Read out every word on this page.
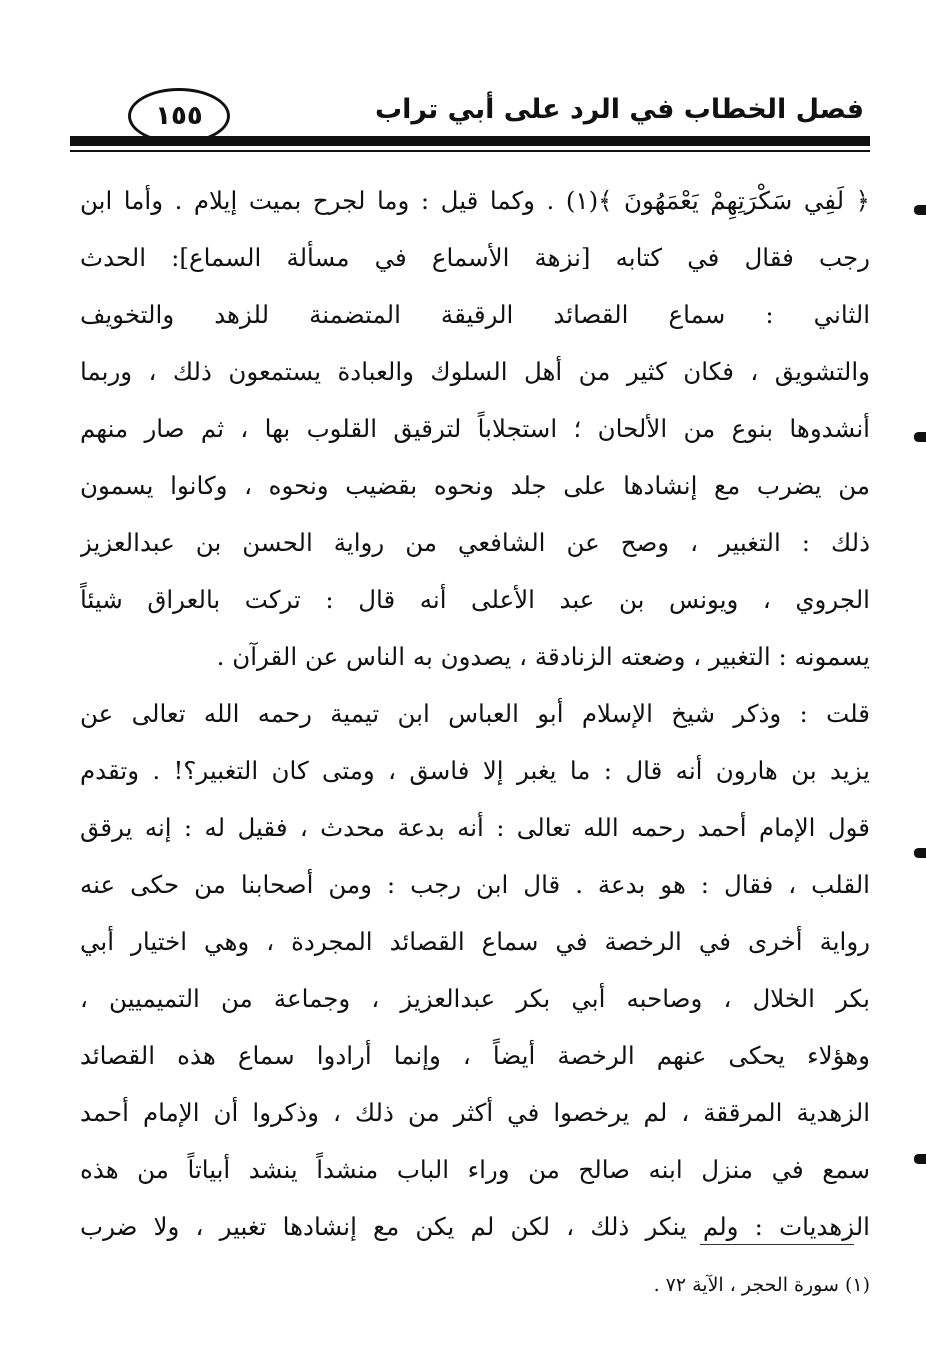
١٥٥	فصل الخطاب في الرد على أبي تراب
﴿ لَفِي سَكْرَتِهِمْ يَعْمَهُونَ ﴾(١) . وكما قيل : وما لجرح بميت إيلام . وأما ابن
رجب فقال في كتابه [نزهة الأسماع في مسألة السماع]: الحدث
الثاني : سماع القصائد الرقيقة المتضمنة للزهد والتخويف
والتشويق ، فكان كثير من أهل السلوك والعبادة يستمعون ذلك ، وربما
أنشدوها بنوع من الألحان ؛ استجلاباً لترقيق القلوب بها ، ثم صار منهم
من يضرب مع إنشادها على جلد ونحوه بقضيب ونحوه ، وكانوا يسمون
ذلك : التغبير ، وصح عن الشافعي من رواية الحسن بن عبدالعزيز
الجروي ، ويونس بن عبد الأعلى أنه قال : تركت بالعراق شيئاً
يسمونه : التغبير ، وضعته الزنادقة ، يصدون به الناس عن القرآن .
قلت : وذكر شيخ الإسلام أبو العباس ابن تيمية رحمه الله تعالى عن
يزيد بن هارون أنه قال : ما يغبر إلا فاسق ، ومتى كان التغبير؟! . وتقدم
قول الإمام أحمد رحمه الله تعالى : أنه بدعة محدث ، فقيل له : إنه يرقق
القلب ، فقال : هو بدعة . قال ابن رجب : ومن أصحابنا من حكى عنه
رواية أخرى في الرخصة في سماع القصائد المجردة ، وهي اختيار أبي
بكر الخلال ، وصاحبه أبي بكر عبدالعزيز ، وجماعة من التميميين ،
وهؤلاء يحكى عنهم الرخصة أيضاً ، وإنما أرادوا سماع هذه القصائد
الزهدية المرققة ، لم يرخصوا في أكثر من ذلك ، وذكروا أن الإمام أحمد
سمع في منزل ابنه صالح من وراء الباب منشداً ينشد أبياتاً من هذه
الزهديات : ولم ينكر ذلك ، لكن لم يكن مع إنشادها تغبير ، ولا ضرب
(١) سورة الحجر ، الآية ٧٢ .
